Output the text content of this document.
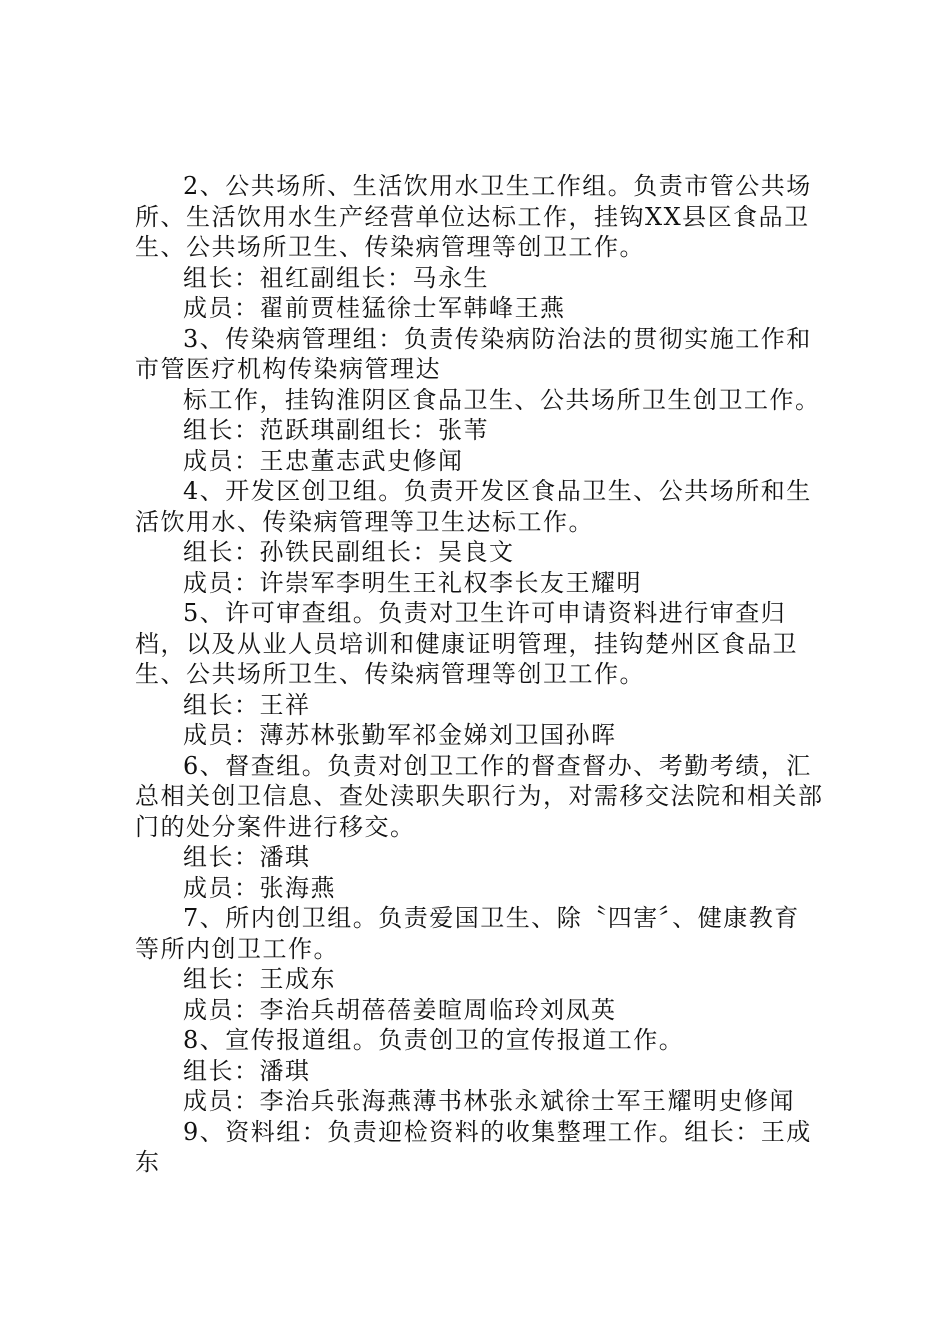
2、公共场所、生活饮用水卫生工作组。负责市管公共场所、生活饮用水生产经营单位达标工作，挂钩XX县区食品卫生、公共场所卫生、传染病管理等创卫工作。

组长：祖红副组长：马永生

成员：翟前贾桂猛徐士军韩峰王燕

3、传染病管理组：负责传染病防治法的贯彻实施工作和市管医疗机构传染病管理达

标工作，挂钩淮阴区食品卫生、公共场所卫生创卫工作。

组长：范跃琪副组长：张苇

成员：王忠董志武史修闻

4、开发区创卫组。负责开发区食品卫生、公共场所和生活饮用水、传染病管理等卫生达标工作。

组长：孙铁民副组长：吴良文

成员：许崇军李明生王礼权李长友王耀明

5、许可审查组。负责对卫生许可申请资料进行审查归档，以及从业人员培训和健康证明管理，挂钩楚州区食品卫生、公共场所卫生、传染病管理等创卫工作。

组长：王祥

成员：薄苏林张勤军祁金娣刘卫国孙晖

6、督查组。负责对创卫工作的督查督办、考勤考绩，汇总相关创卫信息、查处渎职失职行为，对需移交法院和相关部门的处分案件进行移交。

组长：潘琪

成员：张海燕

7、所内创卫组。负责爱国卫生、除〝四害〞、健康教育等所内创卫工作。

组长：王成东

成员：李治兵胡蓓蓓姜暄周临玲刘凤英

8、宣传报道组。负责创卫的宣传报道工作。

组长：潘琪

成员：李治兵张海燕薄书林张永斌徐士军王耀明史修闻

9、资料组：负责迎检资料的收集整理工作。组长：王成东
